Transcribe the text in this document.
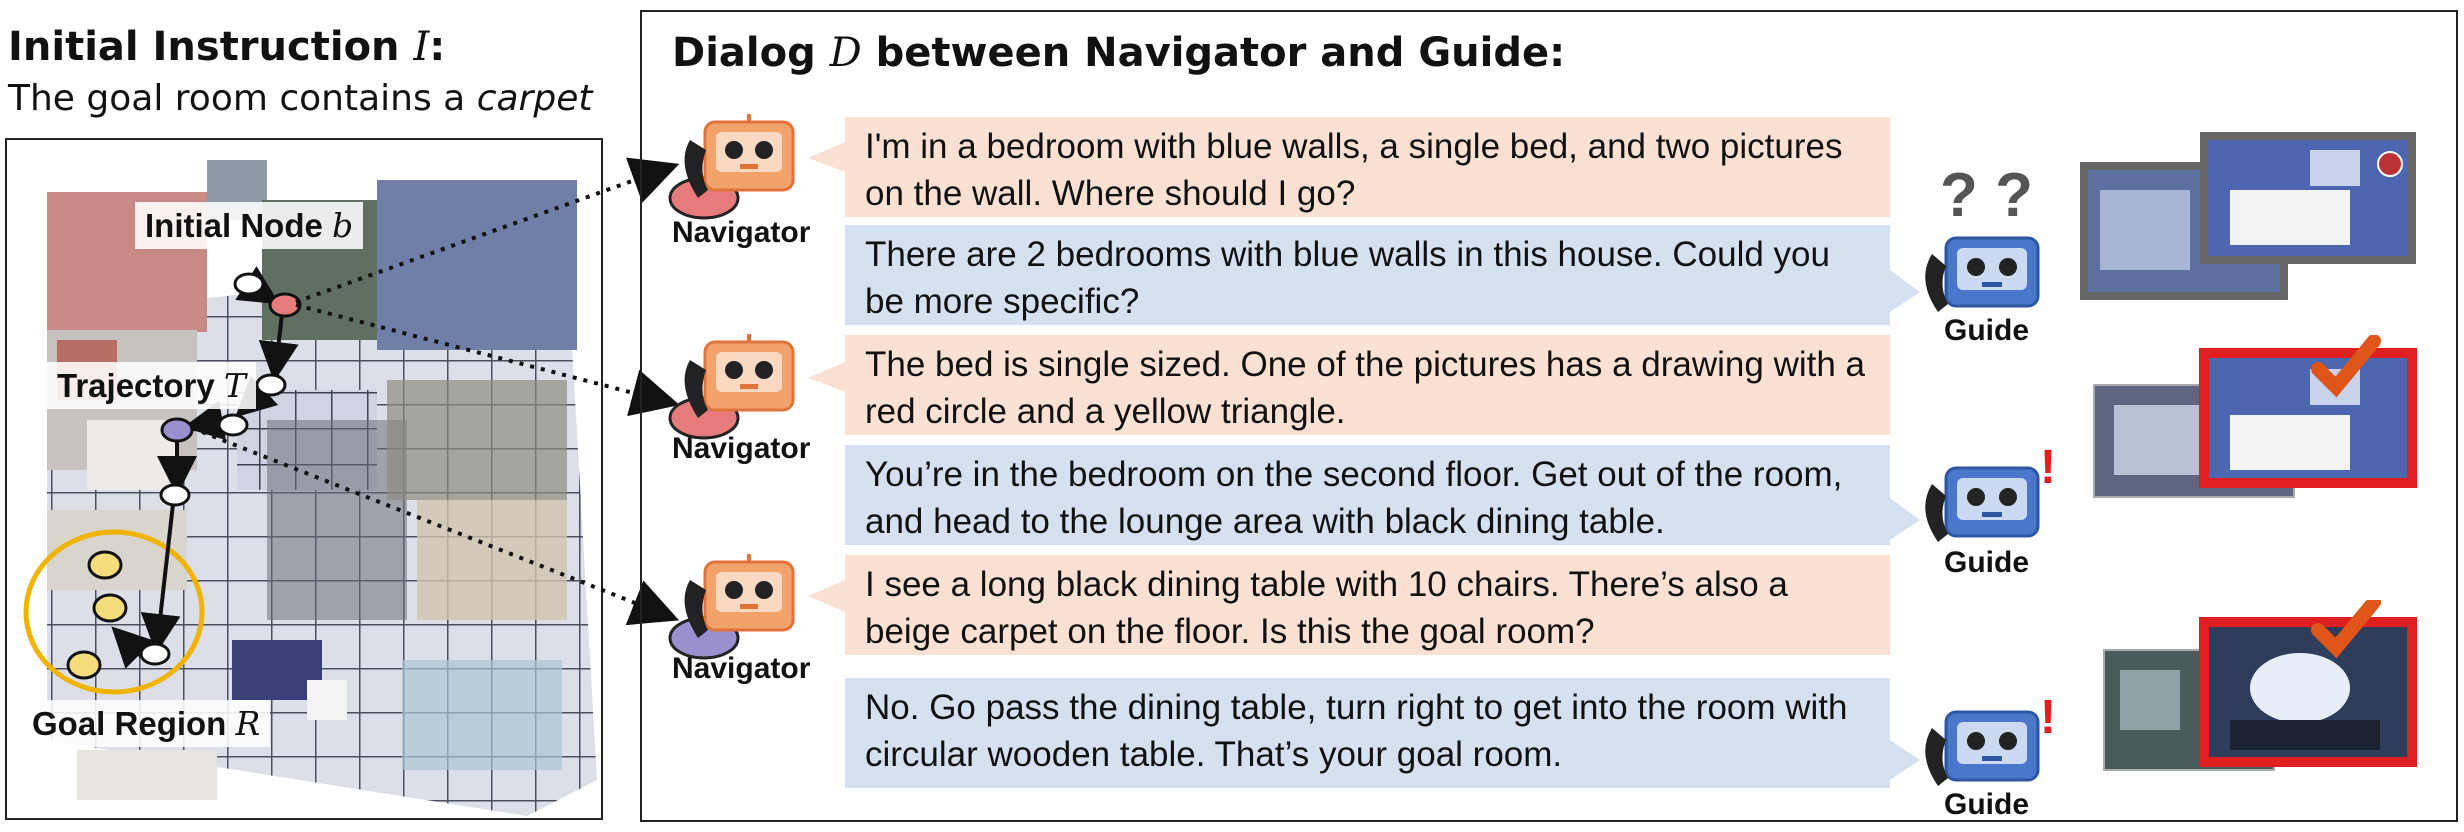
Initial Instruction I:
The goal room contains a carpet
Initial Node b
Trajectory T
Goal Region R
Dialog D between Navigator and Guide:
I'm in a bedroom with blue walls, a single bed, and two pictures on the wall. Where should I go?
There are 2 bedrooms with blue walls in this house. Could you be more specific?
The bed is single sized. One of the pictures has a drawing with a red circle and a yellow triangle.
You’re in the bedroom on the second floor. Get out of the room, and head to the lounge area with black dining table.
I see a long black dining table with 10 chairs. There’s also a beige carpet on the floor. Is this the goal room?
No. Go pass the dining table, turn right to get into the room with circular wooden table. That’s your goal room.
Navigator
Navigator
Navigator
? ?
Guide
!
Guide
!
Guide
